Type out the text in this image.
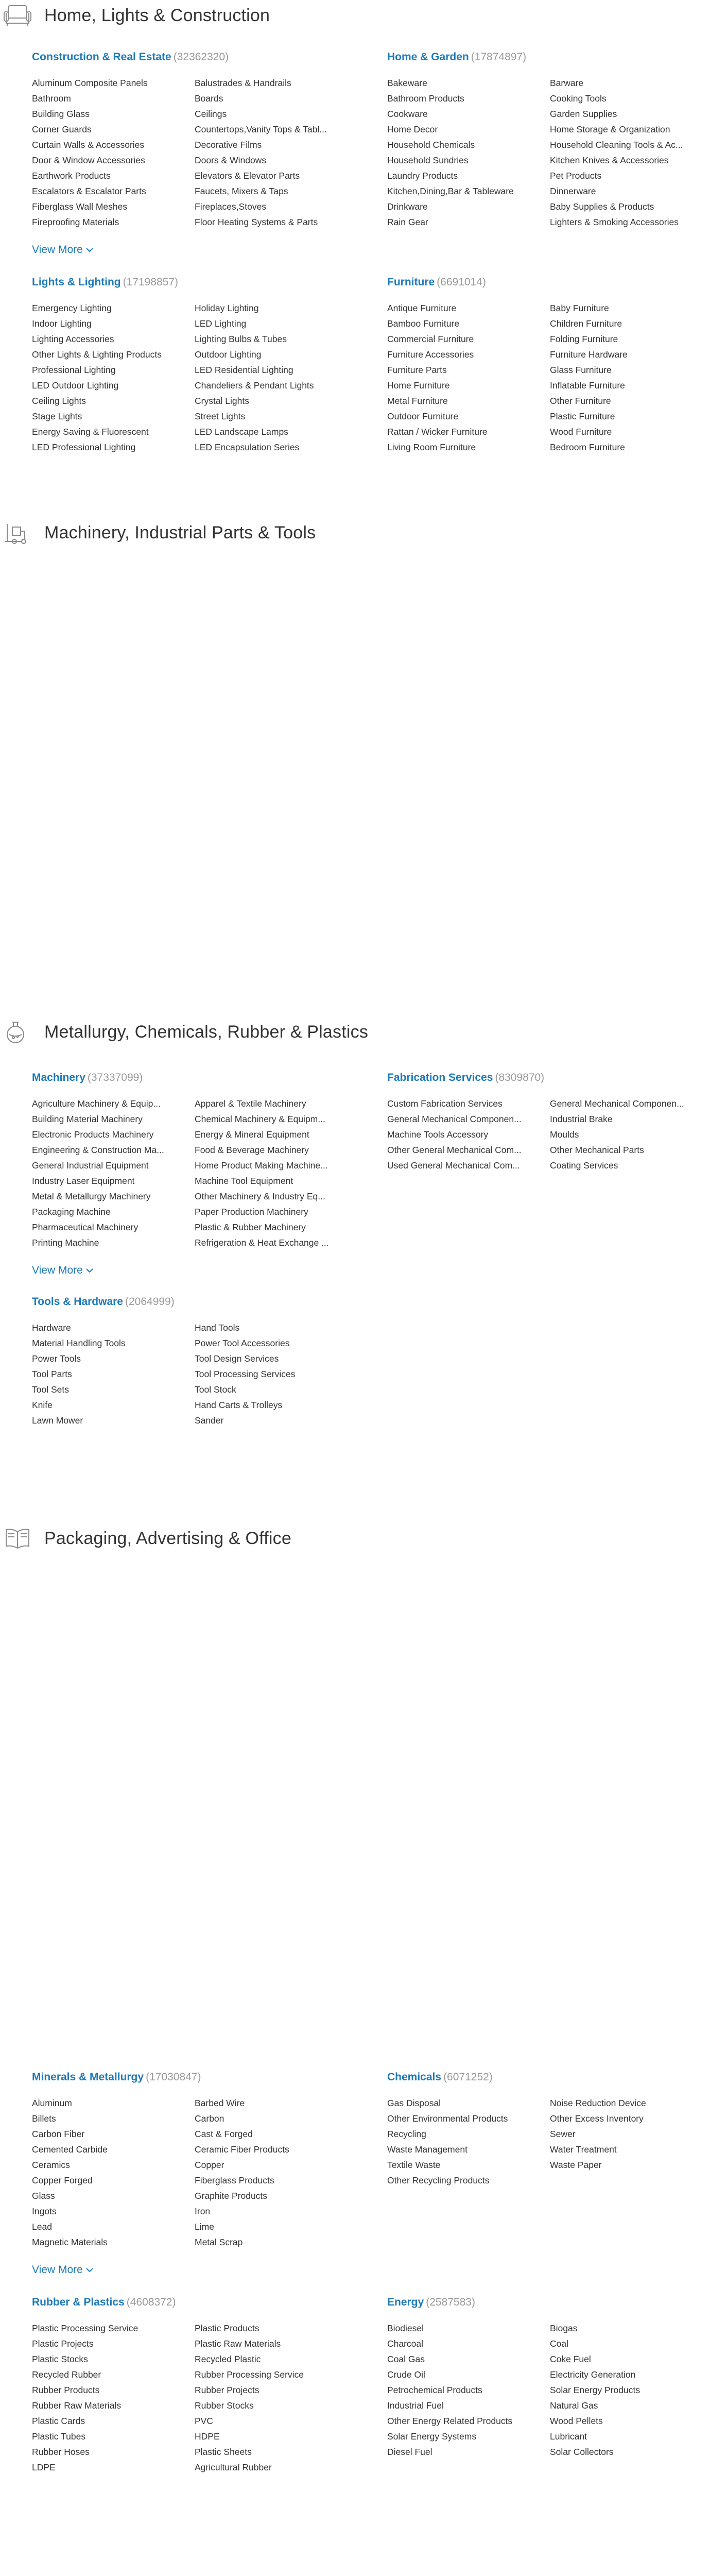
Home, Lights & Construction
Construction & Real Estate (32362320)
Aluminum Composite Panels	Balustrades & Handrails
Bathroom	Boards
Building Glass	Ceilings
Corner Guards	Countertops,Vanity Tops & Tabl...
Curtain Walls & Accessories	Decorative Films
Door & Window Accessories	Doors & Windows
Earthwork Products	Elevators & Elevator Parts
Escalators & Escalator Parts	Faucets, Mixers & Taps
Fiberglass Wall Meshes	Fireplaces,Stoves
Fireproofing Materials	Floor Heating Systems & Parts
View More
Home & Garden (17874897)
Bakeware	Barware
Bathroom Products	Cooking Tools
Cookware	Garden Supplies
Home Decor	Home Storage & Organization
Household Chemicals	Household Cleaning Tools & Ac...
Household Sundries	Kitchen Knives & Accessories
Laundry Products	Pet Products
Kitchen,Dining,Bar & Tableware	Dinnerware
Drinkware	Baby Supplies & Products
Rain Gear	Lighters & Smoking Accessories
Lights & Lighting (17198857)
Emergency Lighting	Holiday Lighting
Indoor Lighting	LED Lighting
Lighting Accessories	Lighting Bulbs & Tubes
Other Lights & Lighting Products	Outdoor Lighting
Professional Lighting	LED Residential Lighting
LED Outdoor Lighting	Chandeliers & Pendant Lights
Ceiling Lights	Crystal Lights
Stage Lights	Street Lights
Energy Saving & Fluorescent	LED Landscape Lamps
LED Professional Lighting	LED Encapsulation Series
Furniture (6691014)
Antique Furniture	Baby Furniture
Bamboo Furniture	Children Furniture
Commercial Furniture	Folding Furniture
Furniture Accessories	Furniture Hardware
Furniture Parts	Glass Furniture
Home Furniture	Inflatable Furniture
Metal Furniture	Other Furniture
Outdoor Furniture	Plastic Furniture
Rattan / Wicker Furniture	Wood Furniture
Living Room Furniture	Bedroom Furniture
Machinery, Industrial Parts & Tools
Machinery (37337099)
Agriculture Machinery & Equip...	Apparel & Textile Machinery
Building Material Machinery	Chemical Machinery & Equipm...
Electronic Products Machinery	Energy & Mineral Equipment
Engineering & Construction Ma...	Food & Beverage Machinery
General Industrial Equipment	Home Product Making Machine...
Industry Laser Equipment	Machine Tool Equipment
Metal & Metallurgy Machinery	Other Machinery & Industry Eq...
Packaging Machine	Paper Production Machinery
Pharmaceutical Machinery	Plastic & Rubber Machinery
Printing Machine	Refrigeration & Heat Exchange ...
View More
Fabrication Services (8309870)
Custom Fabrication Services	General Mechanical Componen...
General Mechanical Componen...	Industrial Brake
Machine Tools Accessory	Moulds
Other General Mechanical Com...	Other Mechanical Parts
Used General Mechanical Com...	Coating Services
Tools & Hardware (2064999)
Hardware	Hand Tools
Material Handling Tools	Power Tool Accessories
Power Tools	Tool Design Services
Tool Parts	Tool Processing Services
Tool Sets	Tool Stock
Knife	Hand Carts & Trolleys
Lawn Mower	Sander
Metallurgy, Chemicals, Rubber & Plastics
Minerals & Metallurgy (17030847)
Aluminum	Barbed Wire
Billets	Carbon
Carbon Fiber	Cast & Forged
Cemented Carbide	Ceramic Fiber Products
Ceramics	Copper
Copper Forged	Fiberglass Products
Glass	Graphite Products
Ingots	Iron
Lead	Lime
Magnetic Materials	Metal Scrap
View More
Chemicals (6071252)
Gas Disposal	Noise Reduction Device
Other Environmental Products	Other Excess Inventory
Recycling	Sewer
Waste Management	Water Treatment
Textile Waste	Waste Paper
Other Recycling Products
Rubber & Plastics (4608372)
Plastic Processing Service	Plastic Products
Plastic Projects	Plastic Raw Materials
Plastic Stocks	Recycled Plastic
Recycled Rubber	Rubber Processing Service
Rubber Products	Rubber Projects
Rubber Raw Materials	Rubber Stocks
Plastic Cards	PVC
Plastic Tubes	HDPE
Rubber Hoses	Plastic Sheets
LDPE	Agricultural Rubber
Energy (2587583)
Biodiesel	Biogas
Charcoal	Coal
Coal Gas	Coke Fuel
Crude Oil	Electricity Generation
Petrochemical Products	Solar Energy Products
Industrial Fuel	Natural Gas
Other Energy Related Products	Wood Pellets
Solar Energy Systems	Lubricant
Diesel Fuel	Solar Collectors
Packaging, Advertising & Office
